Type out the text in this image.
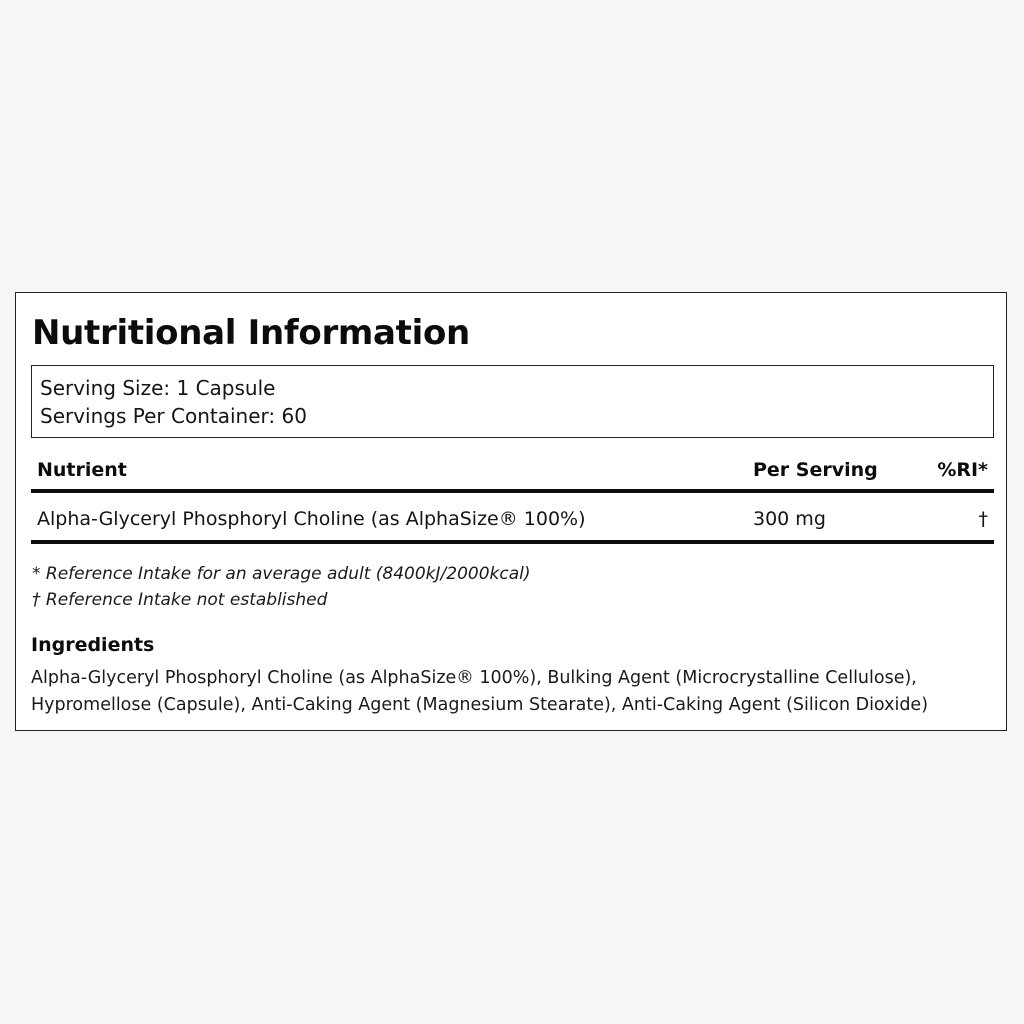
Nutritional Information
Serving Size: 1 Capsule
Servings Per Container: 60
Nutrient	Per Serving	%RI*
Alpha-Glyceryl Phosphoryl Choline (as AlphaSize® 100%)	300 mg	†
* Reference Intake for an average adult (8400kJ/2000kcal)
† Reference Intake not established
Ingredients
Alpha-Glyceryl Phosphoryl Choline (as AlphaSize® 100%), Bulking Agent (Microcrystalline Cellulose),
Hypromellose (Capsule), Anti-Caking Agent (Magnesium Stearate), Anti-Caking Agent (Silicon Dioxide)
